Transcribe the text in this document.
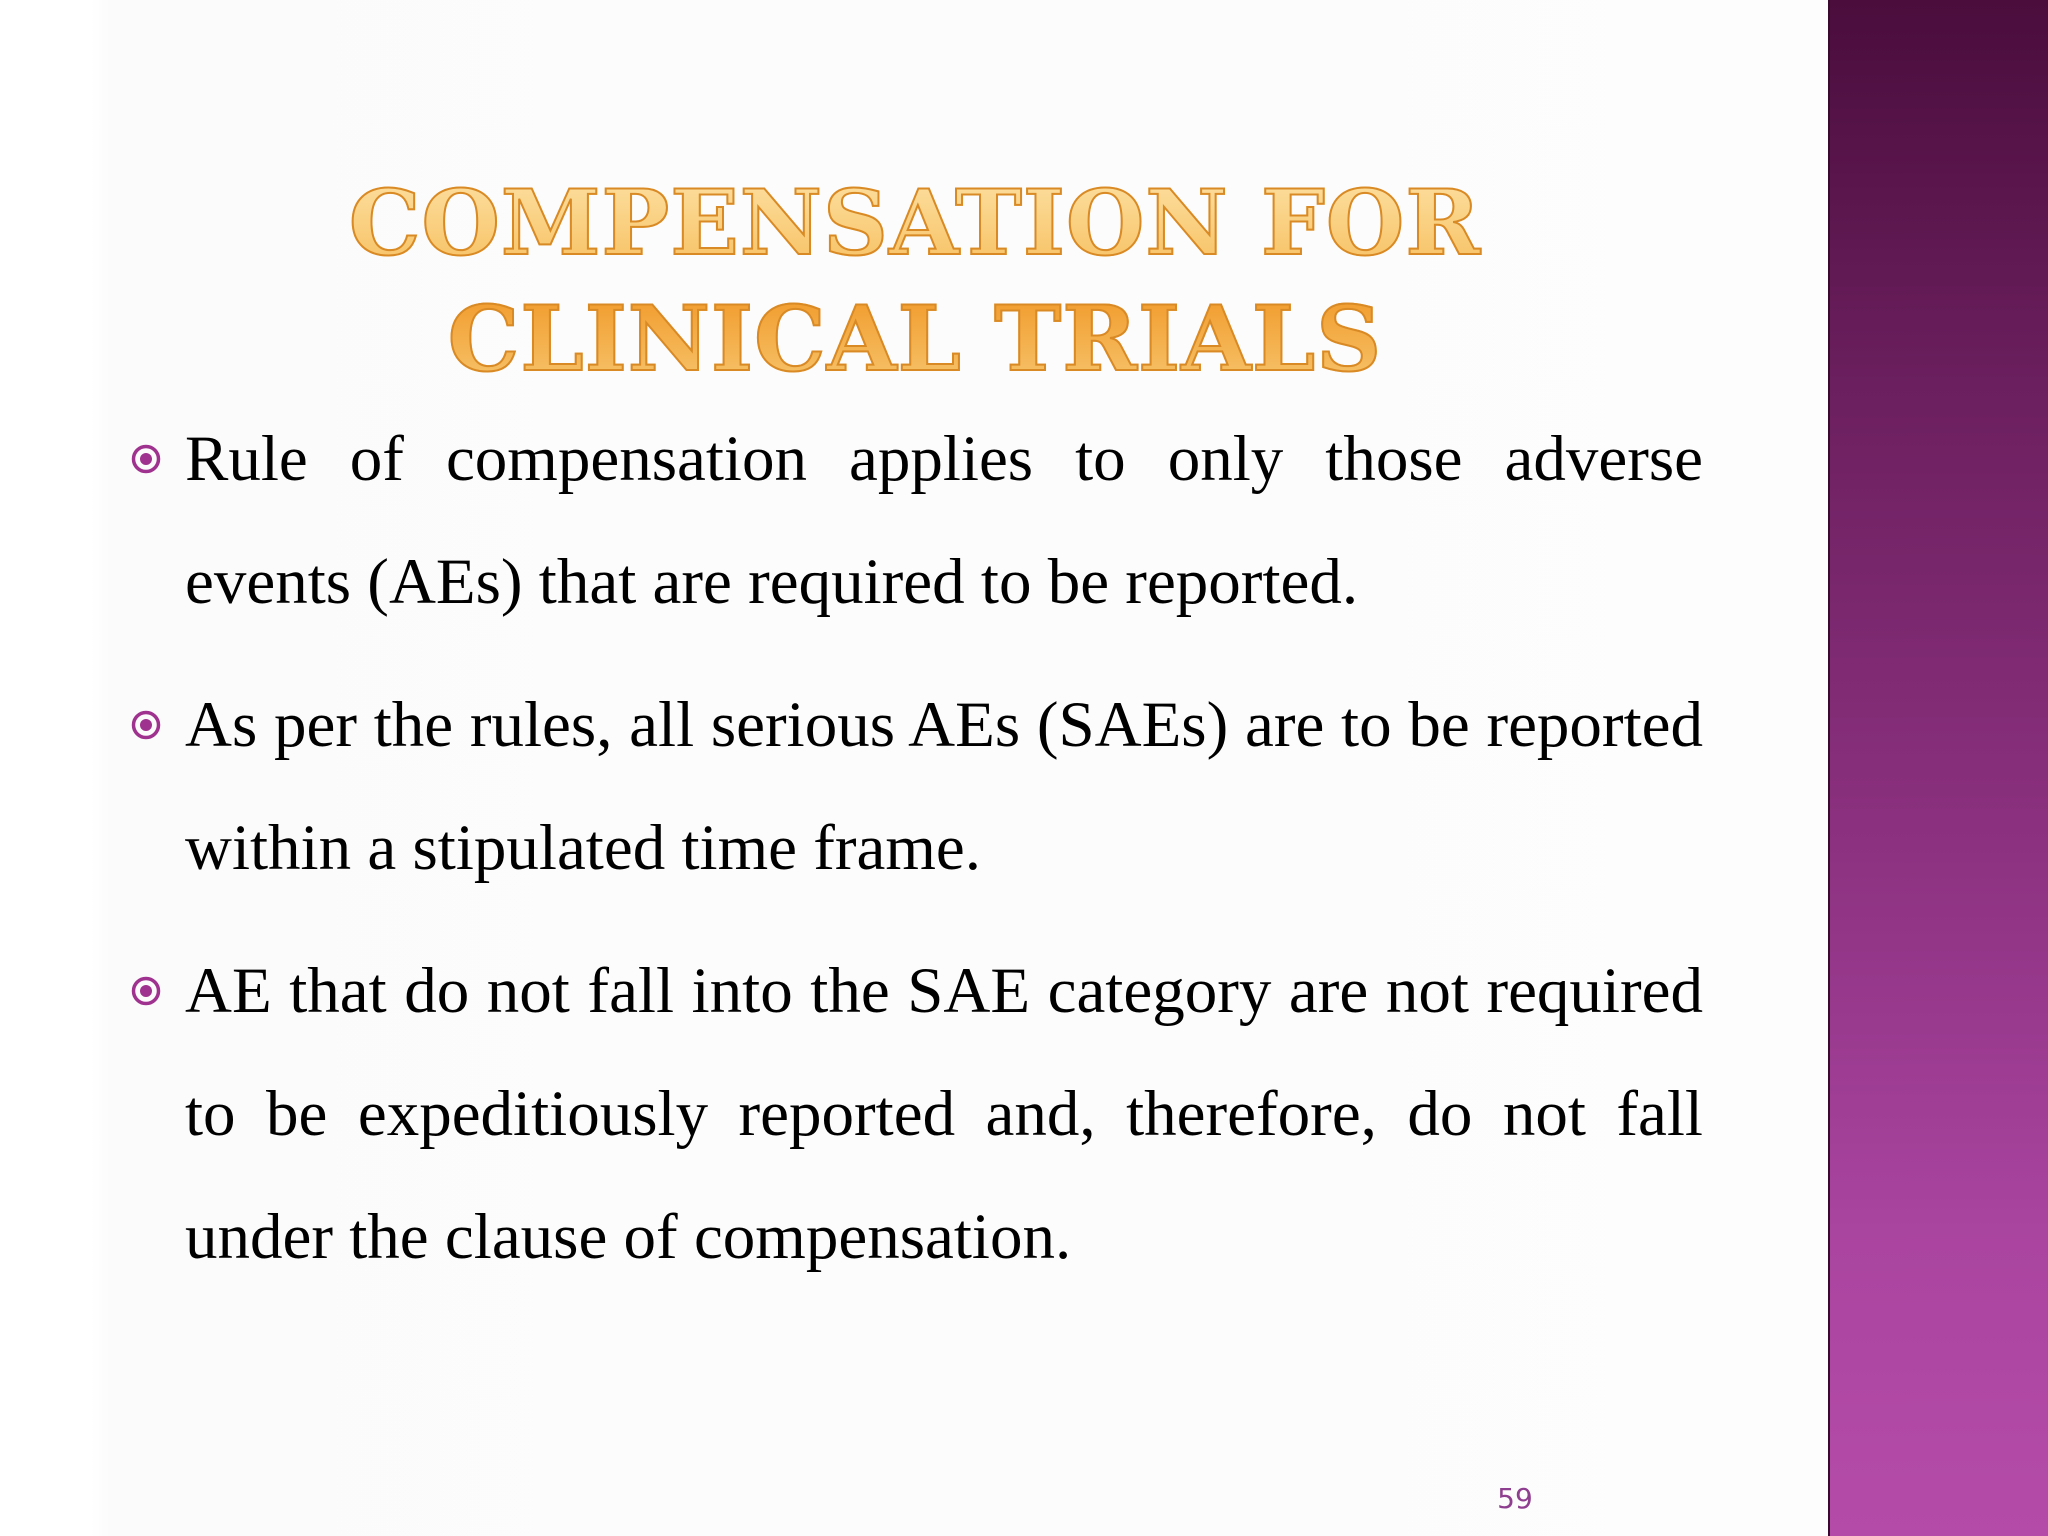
COMPENSATION FOR
CLINICAL TRIALS
Rule of compensation applies to only those adverse events (AEs) that are required to be reported.
As per the rules, all serious AEs (SAEs) are to be reported within a stipulated time frame.
AE that do not fall into the SAE category are not required to be expeditiously reported and, therefore, do not fall under the clause of compensation.
59
